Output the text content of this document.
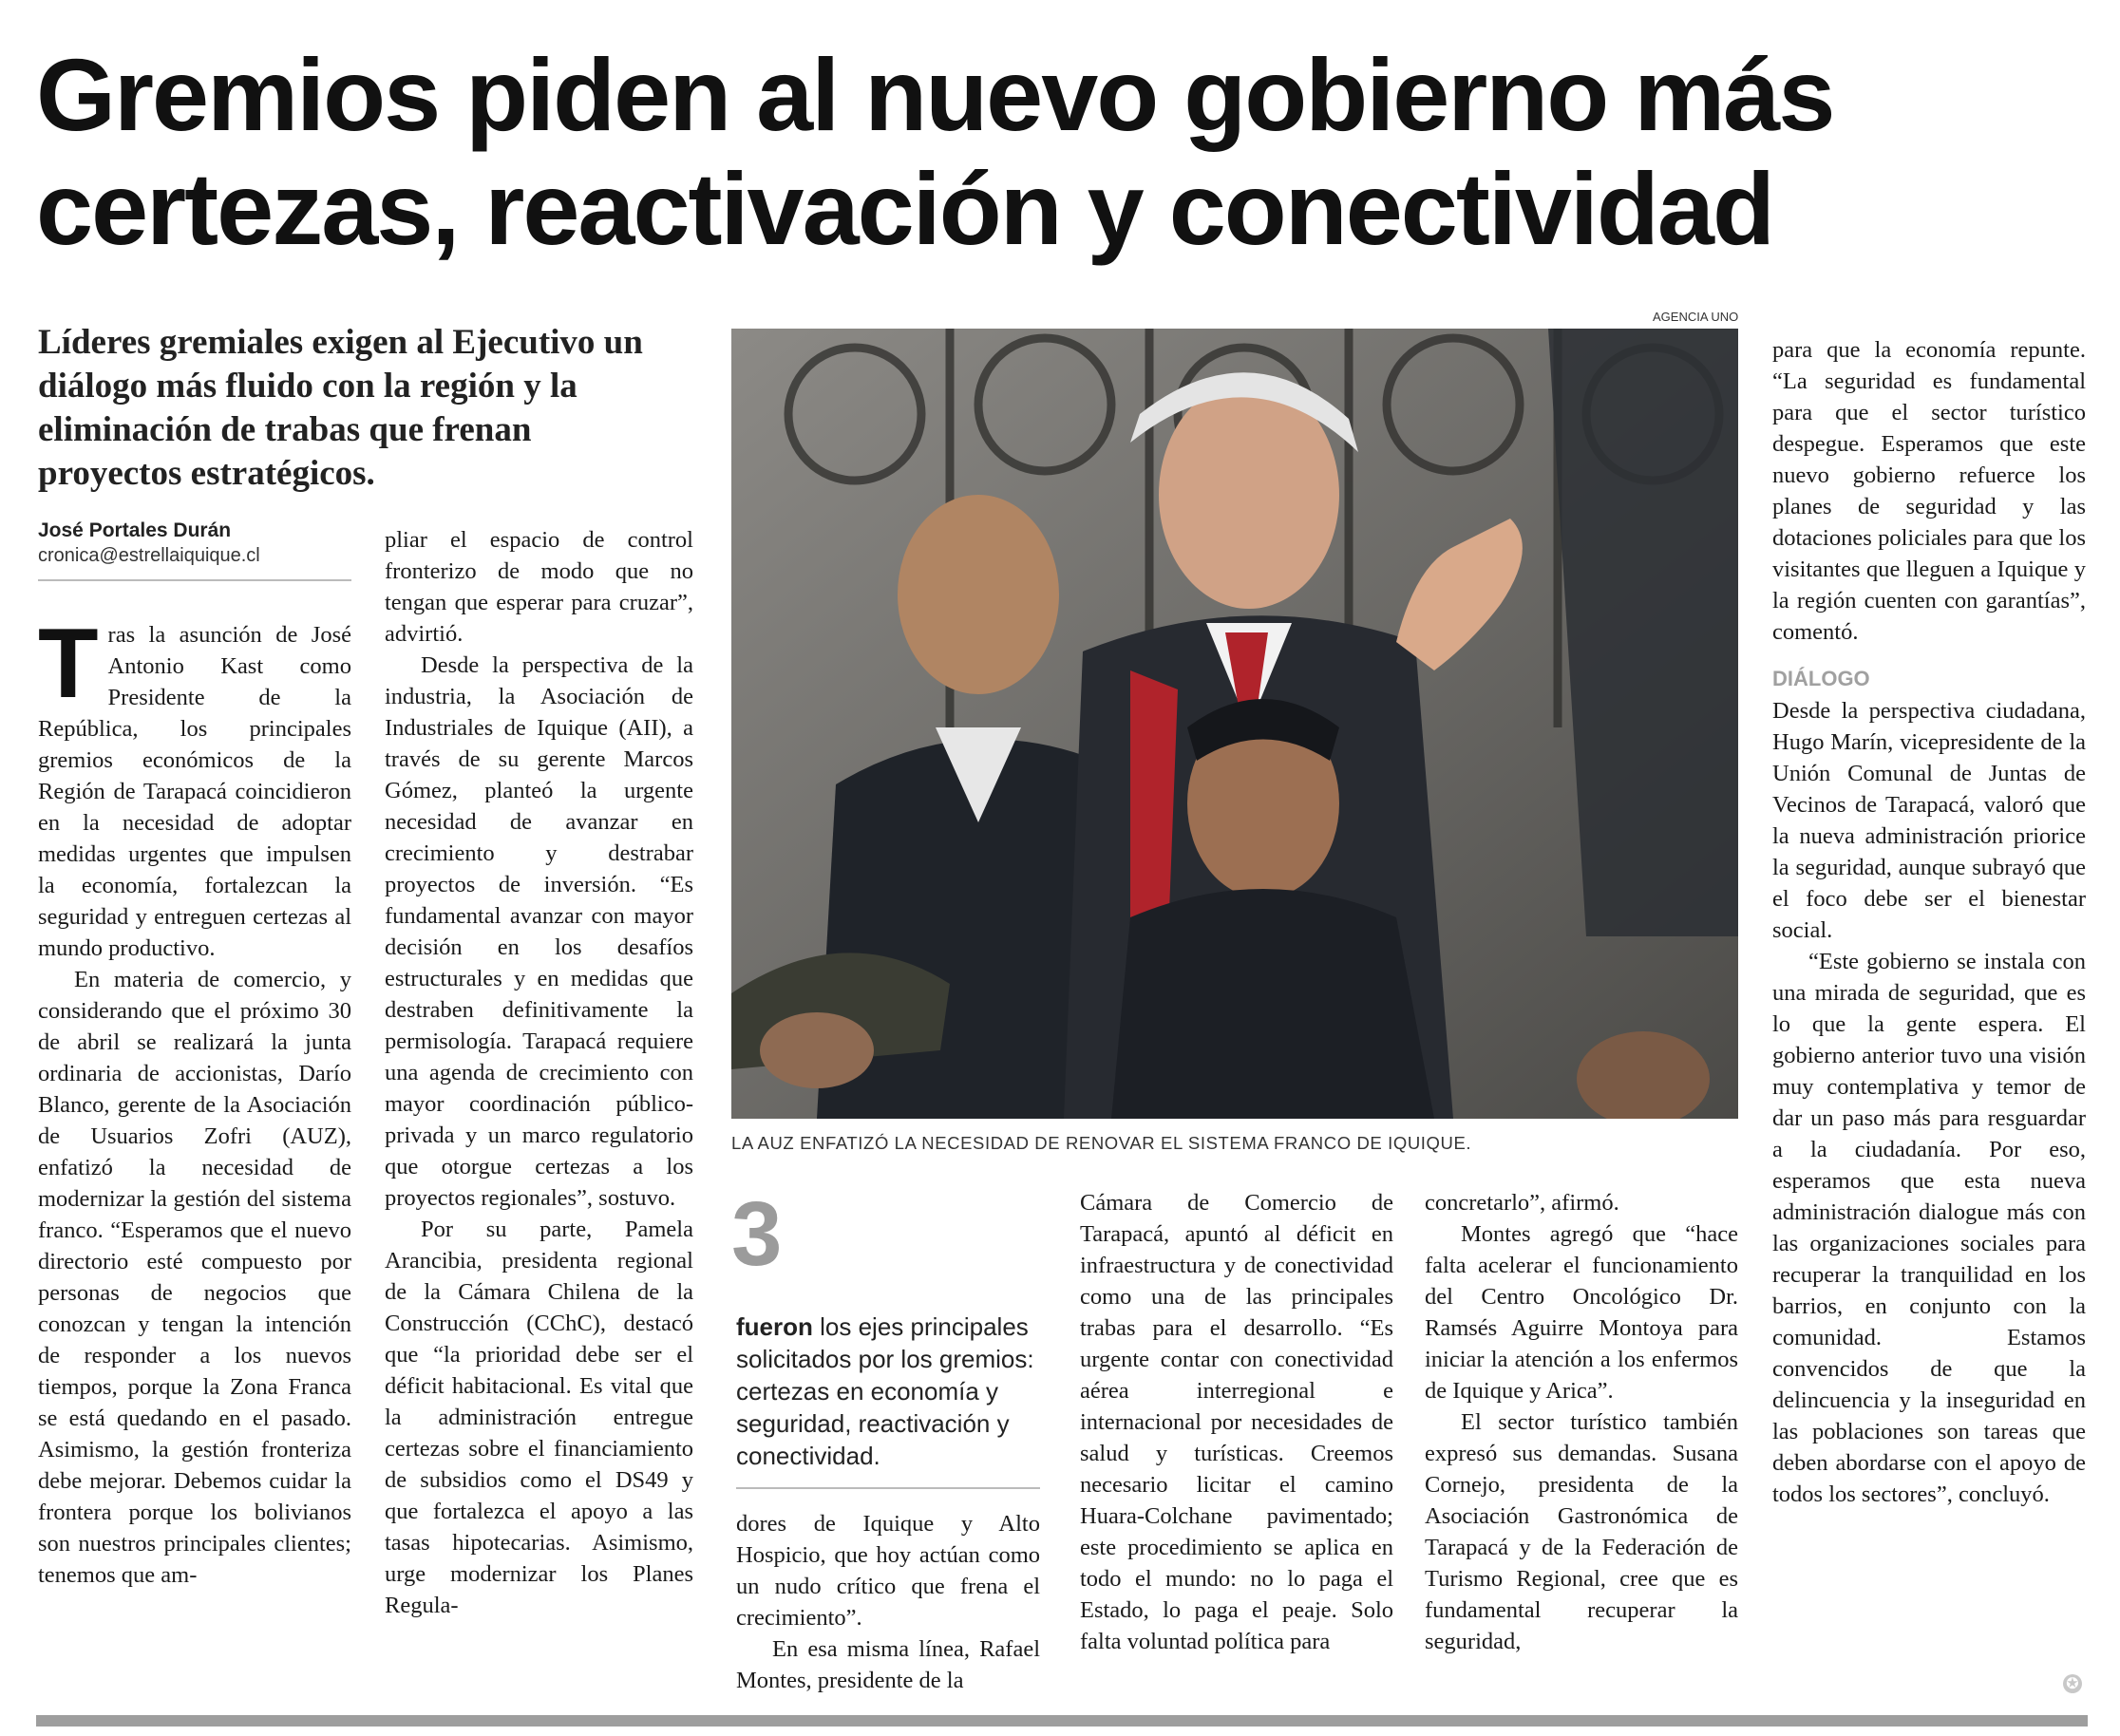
Gremios piden al nuevo gobierno más certezas, reactivación y conectividad
Líderes gremiales exigen al Ejecutivo un diálogo más fluido con la región y la eliminación de trabas que frenan proyectos estratégicos.
José Portales Durán
cronica@estrellaiquique.cl

Tras la asunción de José Antonio Kast como Presidente de la República, los principales gremios económicos de la Región de Tarapacá coincidieron en la necesidad de adoptar medidas urgentes que impulsen la economía, fortalezcan la seguridad y entreguen certezas al mundo productivo.

En materia de comercio, y considerando que el próximo 30 de abril se realizará la junta ordinaria de accionistas, Darío Blanco, gerente de la Asociación de Usuarios Zofri (AUZ), enfatizó la necesidad de modernizar la gestión del sistema franco. “Esperamos que el nuevo directorio esté compuesto por personas de negocios que conozcan y tengan la intención de responder a los nuevos tiempos, porque la Zona Franca se está quedando en el pasado. Asimismo, la gestión fronteriza debe mejorar. Debemos cuidar la frontera porque los bolivianos son nuestros principales clientes; tenemos que am-

pliar el espacio de control fronterizo de modo que no tengan que esperar para cruzar”, advirtió.

Desde la perspectiva de la industria, la Asociación de Industriales de Iquique (AII), a través de su gerente Marcos Gómez, planteó la urgente necesidad de avanzar en crecimiento y destrabar proyectos de inversión. “Es fundamental avanzar con mayor decisión en los desafíos estructurales y en medidas que destraben definitivamente la permisología. Tarapacá requiere una agenda de crecimiento con mayor coordinación público-privada y un marco regulatorio que otorgue certezas a los proyectos regionales”, sostuvo.

Por su parte, Pamela Arancibia, presidenta regional de la Cámara Chilena de la Construcción (CChC), destacó que “la prioridad debe ser el déficit habitacional. Es vital que la administración entregue certezas sobre el financiamiento de subsidios como el DS49 y que fortalezca el apoyo a las tasas hipotecarias. Asimismo, urge modernizar los Planes Regula-

AGENCIA UNO
LA AUZ ENFATIZÓ LA NECESIDAD DE RENOVAR EL SISTEMA FRANCO DE IQUIQUE.
3
fueron los ejes principales solicitados por los gremios: certezas en economía y seguridad, reactivación y conectividad.

dores de Iquique y Alto Hospicio, que hoy actúan como un nudo crítico que frena el crecimiento”.

En esa misma línea, Rafael Montes, presidente de la

Cámara de Comercio de Tarapacá, apuntó al déficit en infraestructura y de conectividad como una de las principales trabas para el desarrollo. “Es urgente contar con conectividad aérea interregional e internacional por necesidades de salud y turísticas. Creemos necesario licitar el camino Huara-Colchane pavimentado; este procedimiento se aplica en todo el mundo: no lo paga el Estado, lo paga el peaje. Solo falta voluntad política para

concretarlo”, afirmó.

Montes agregó que “hace falta acelerar el funcionamiento del Centro Oncológico Dr. Ramsés Aguirre Montoya para iniciar la atención a los enfermos de Iquique y Arica”.

El sector turístico también expresó sus demandas. Susana Cornejo, presidenta de la Asociación Gastronómica de Tarapacá y de la Federación de Turismo Regional, cree que es fundamental recuperar la seguridad,

para que la economía repunte. “La seguridad es fundamental para que el sector turístico despegue. Esperamos que este nuevo gobierno refuerce los planes de seguridad y las dotaciones policiales para que los visitantes que lleguen a Iquique y la región cuenten con garantías”, comentó.

DIÁLOGO

Desde la perspectiva ciudadana, Hugo Marín, vicepresidente de la Unión Comunal de Juntas de Vecinos de Tarapacá, valoró que la nueva administración priorice la seguridad, aunque subrayó que el foco debe ser el bienestar social.

“Este gobierno se instala con una mirada de seguridad, que es lo que la gente espera. El gobierno anterior tuvo una visión muy contemplativa y temor de dar un paso más para resguardar a la ciudadanía. Por eso, esperamos que esta nueva administración dialogue más con las organizaciones sociales para recuperar la tranquilidad en los barrios, en conjunto con la comunidad. Estamos convencidos de que la delincuencia y la inseguridad en las poblaciones son tareas que deben abordarse con el apoyo de todos los sectores”, concluyó.

✪
